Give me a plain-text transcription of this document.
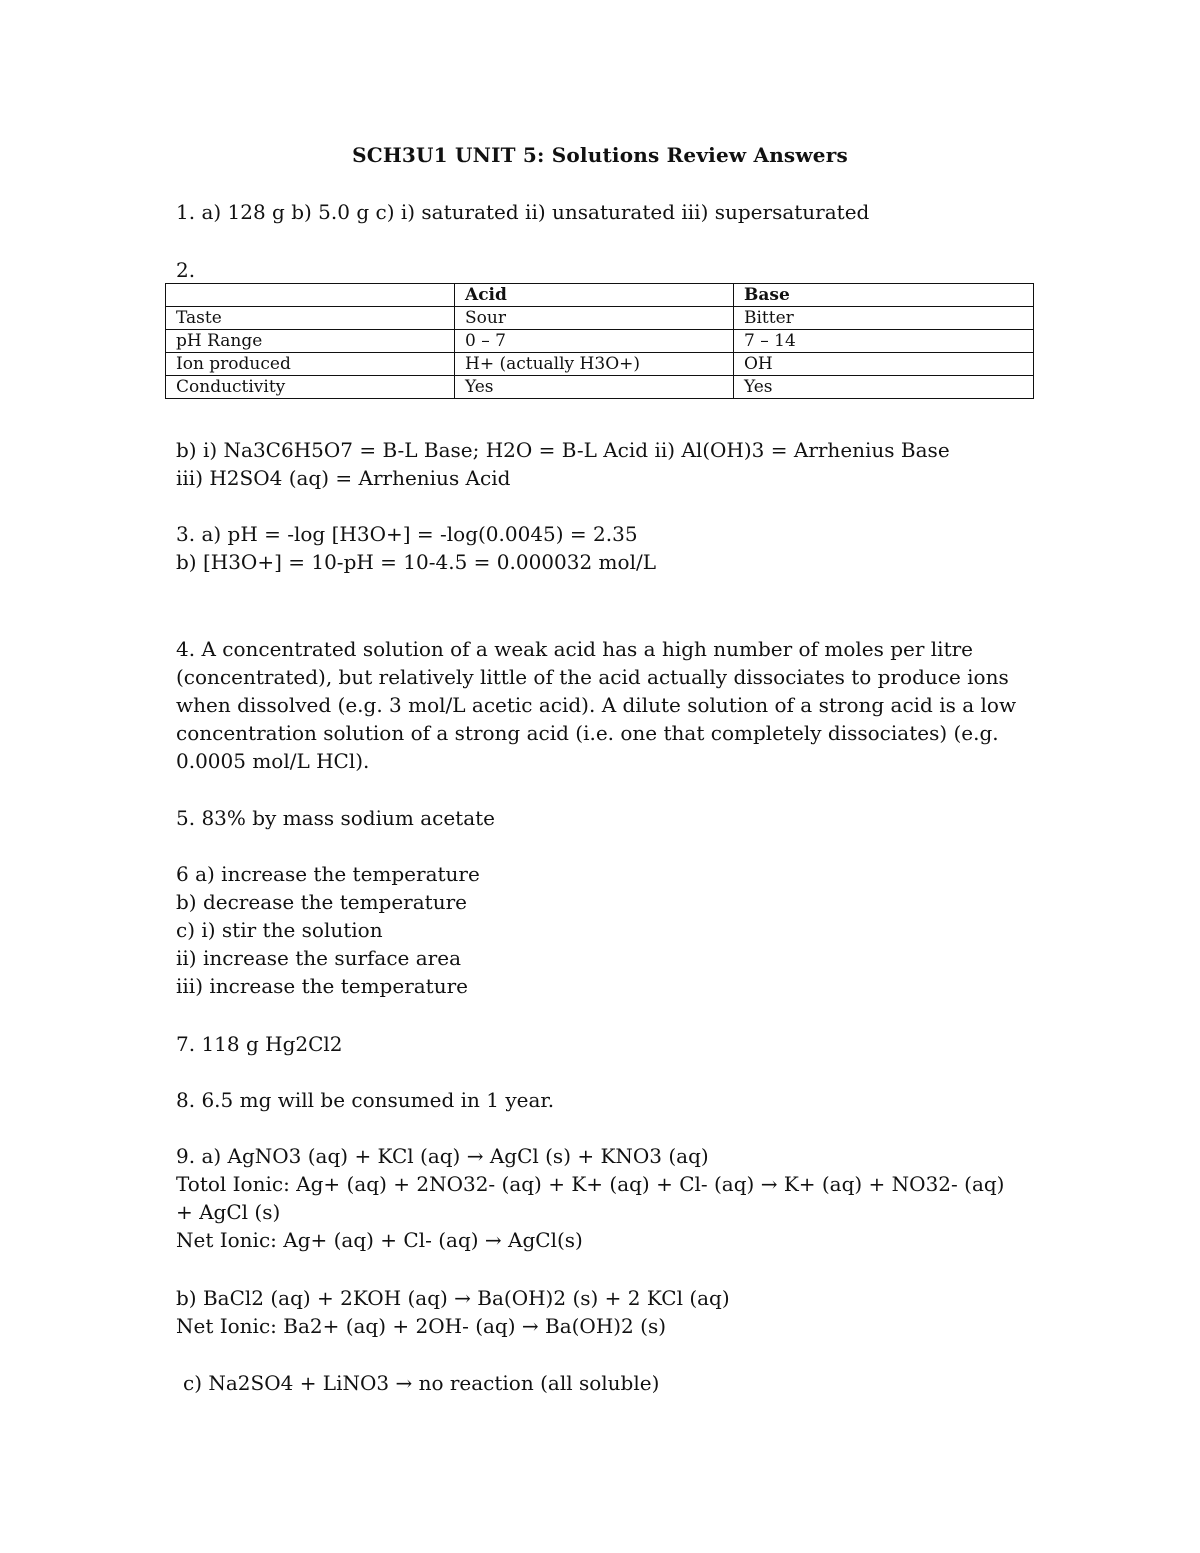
SCH3U1 UNIT 5: Solutions Review Answers
1. a) 128 g b) 5.0 g c) i) saturated ii) unsaturated iii) supersaturated
2.
	Acid	Base
Taste	Sour	Bitter
pH Range	0 – 7	7 – 14
Ion produced	H+ (actually H3O+)	OH
Conductivity	Yes	Yes
b) i) Na3C6H5O7 = B-L Base; H2O = B-L Acid ii) Al(OH)3 = Arrhenius Base
iii) H2SO4 (aq) = Arrhenius Acid
3. a) pH = -log [H3O+] = -log(0.0045) = 2.35
b) [H3O+] = 10-pH = 10-4.5 = 0.000032 mol/L
4. A concentrated solution of a weak acid has a high number of moles per litre (concentrated), but relatively little of the acid actually dissociates to produce ions when dissolved (e.g. 3 mol/L acetic acid). A dilute solution of a strong acid is a low concentration solution of a strong acid (i.e. one that completely dissociates) (e.g. 0.0005 mol/L HCl).
5. 83% by mass sodium acetate
6 a) increase the temperature
b) decrease the temperature
c) i) stir the solution
ii) increase the surface area
iii) increase the temperature
7. 118 g Hg2Cl2
8. 6.5 mg will be consumed in 1 year.
9. a) AgNO3 (aq) + KCl (aq) → AgCl (s) + KNO3 (aq)
Totol Ionic: Ag+ (aq) + 2NO32- (aq) + K+ (aq) + Cl- (aq) → K+ (aq) + NO32- (aq)
+ AgCl (s)
Net Ionic: Ag+ (aq) + Cl- (aq) → AgCl(s)
b) BaCl2 (aq) + 2KOH (aq) → Ba(OH)2 (s) + 2 KCl (aq)
Net Ionic: Ba2+ (aq) + 2OH- (aq) → Ba(OH)2 (s)
c) Na2SO4 + LiNO3 → no reaction (all soluble)
